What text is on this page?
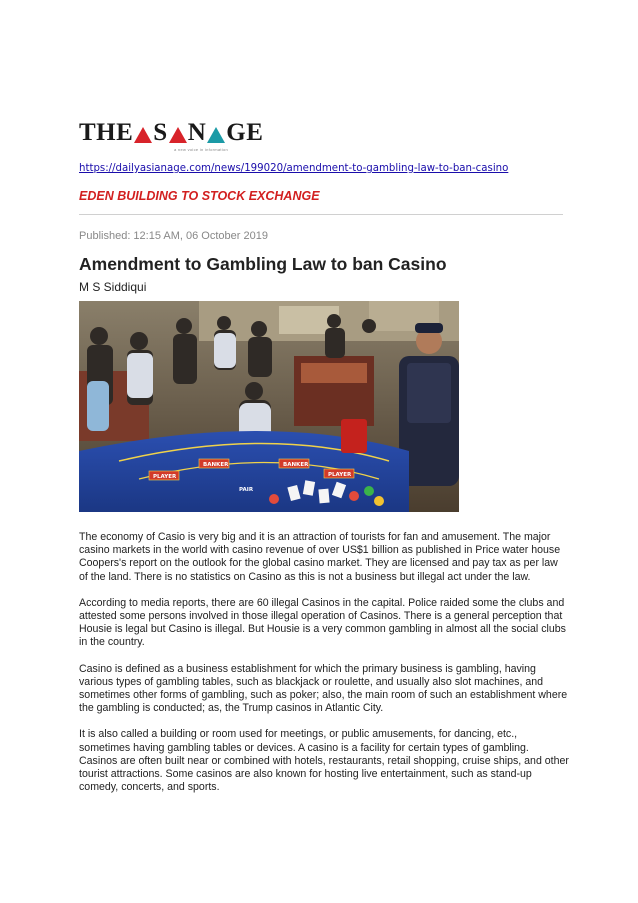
THE S N GE
a new voice in information
https://dailyasianage.com/news/199020/amendment-to-gambling-law-to-ban-casino
EDEN BUILDING TO STOCK EXCHANGE
Published: 12:15 AM, 06 October 2019
Amendment to Gambling Law to ban Casino
M S Siddiqui
PLAYER
BANKER	BANKER
PLAYER
PAIR

The economy of Casio is very big and it is an attraction of tourists for fan and amusement. The major casino markets in the world with casino revenue of over US$1 billion as published in Price water house Coopers's report on the outlook for the global casino market. They are licensed and pay tax as per law of the land. There is no statistics on Casino as this is not a business but illegal act under the law.

According to media reports, there are 60 illegal Casinos in the capital. Police raided some the clubs and attested some persons involved in those illegal operation of Casinos. There is a general perception that Housie is legal but Casino is illegal. But Housie is a very common gambling in almost all the social clubs in the country.

Casino is defined as a business establishment for which the primary business is gambling, having various types of gambling tables, such as blackjack or roulette, and usually also slot machines, and sometimes other forms of gambling, such as poker; also, the main room of such an establishment where the gambling is conducted; as, the Trump casinos in Atlantic City.

It is also called a building or room used for meetings, or public amusements, for dancing, etc., sometimes having gambling tables or devices. A casino is a facility for certain types of gambling. Casinos are often built near or combined with hotels, restaurants, retail shopping, cruise ships, and other tourist attractions. Some casinos are also known for hosting live entertainment, such as stand-up comedy, concerts, and sports.
